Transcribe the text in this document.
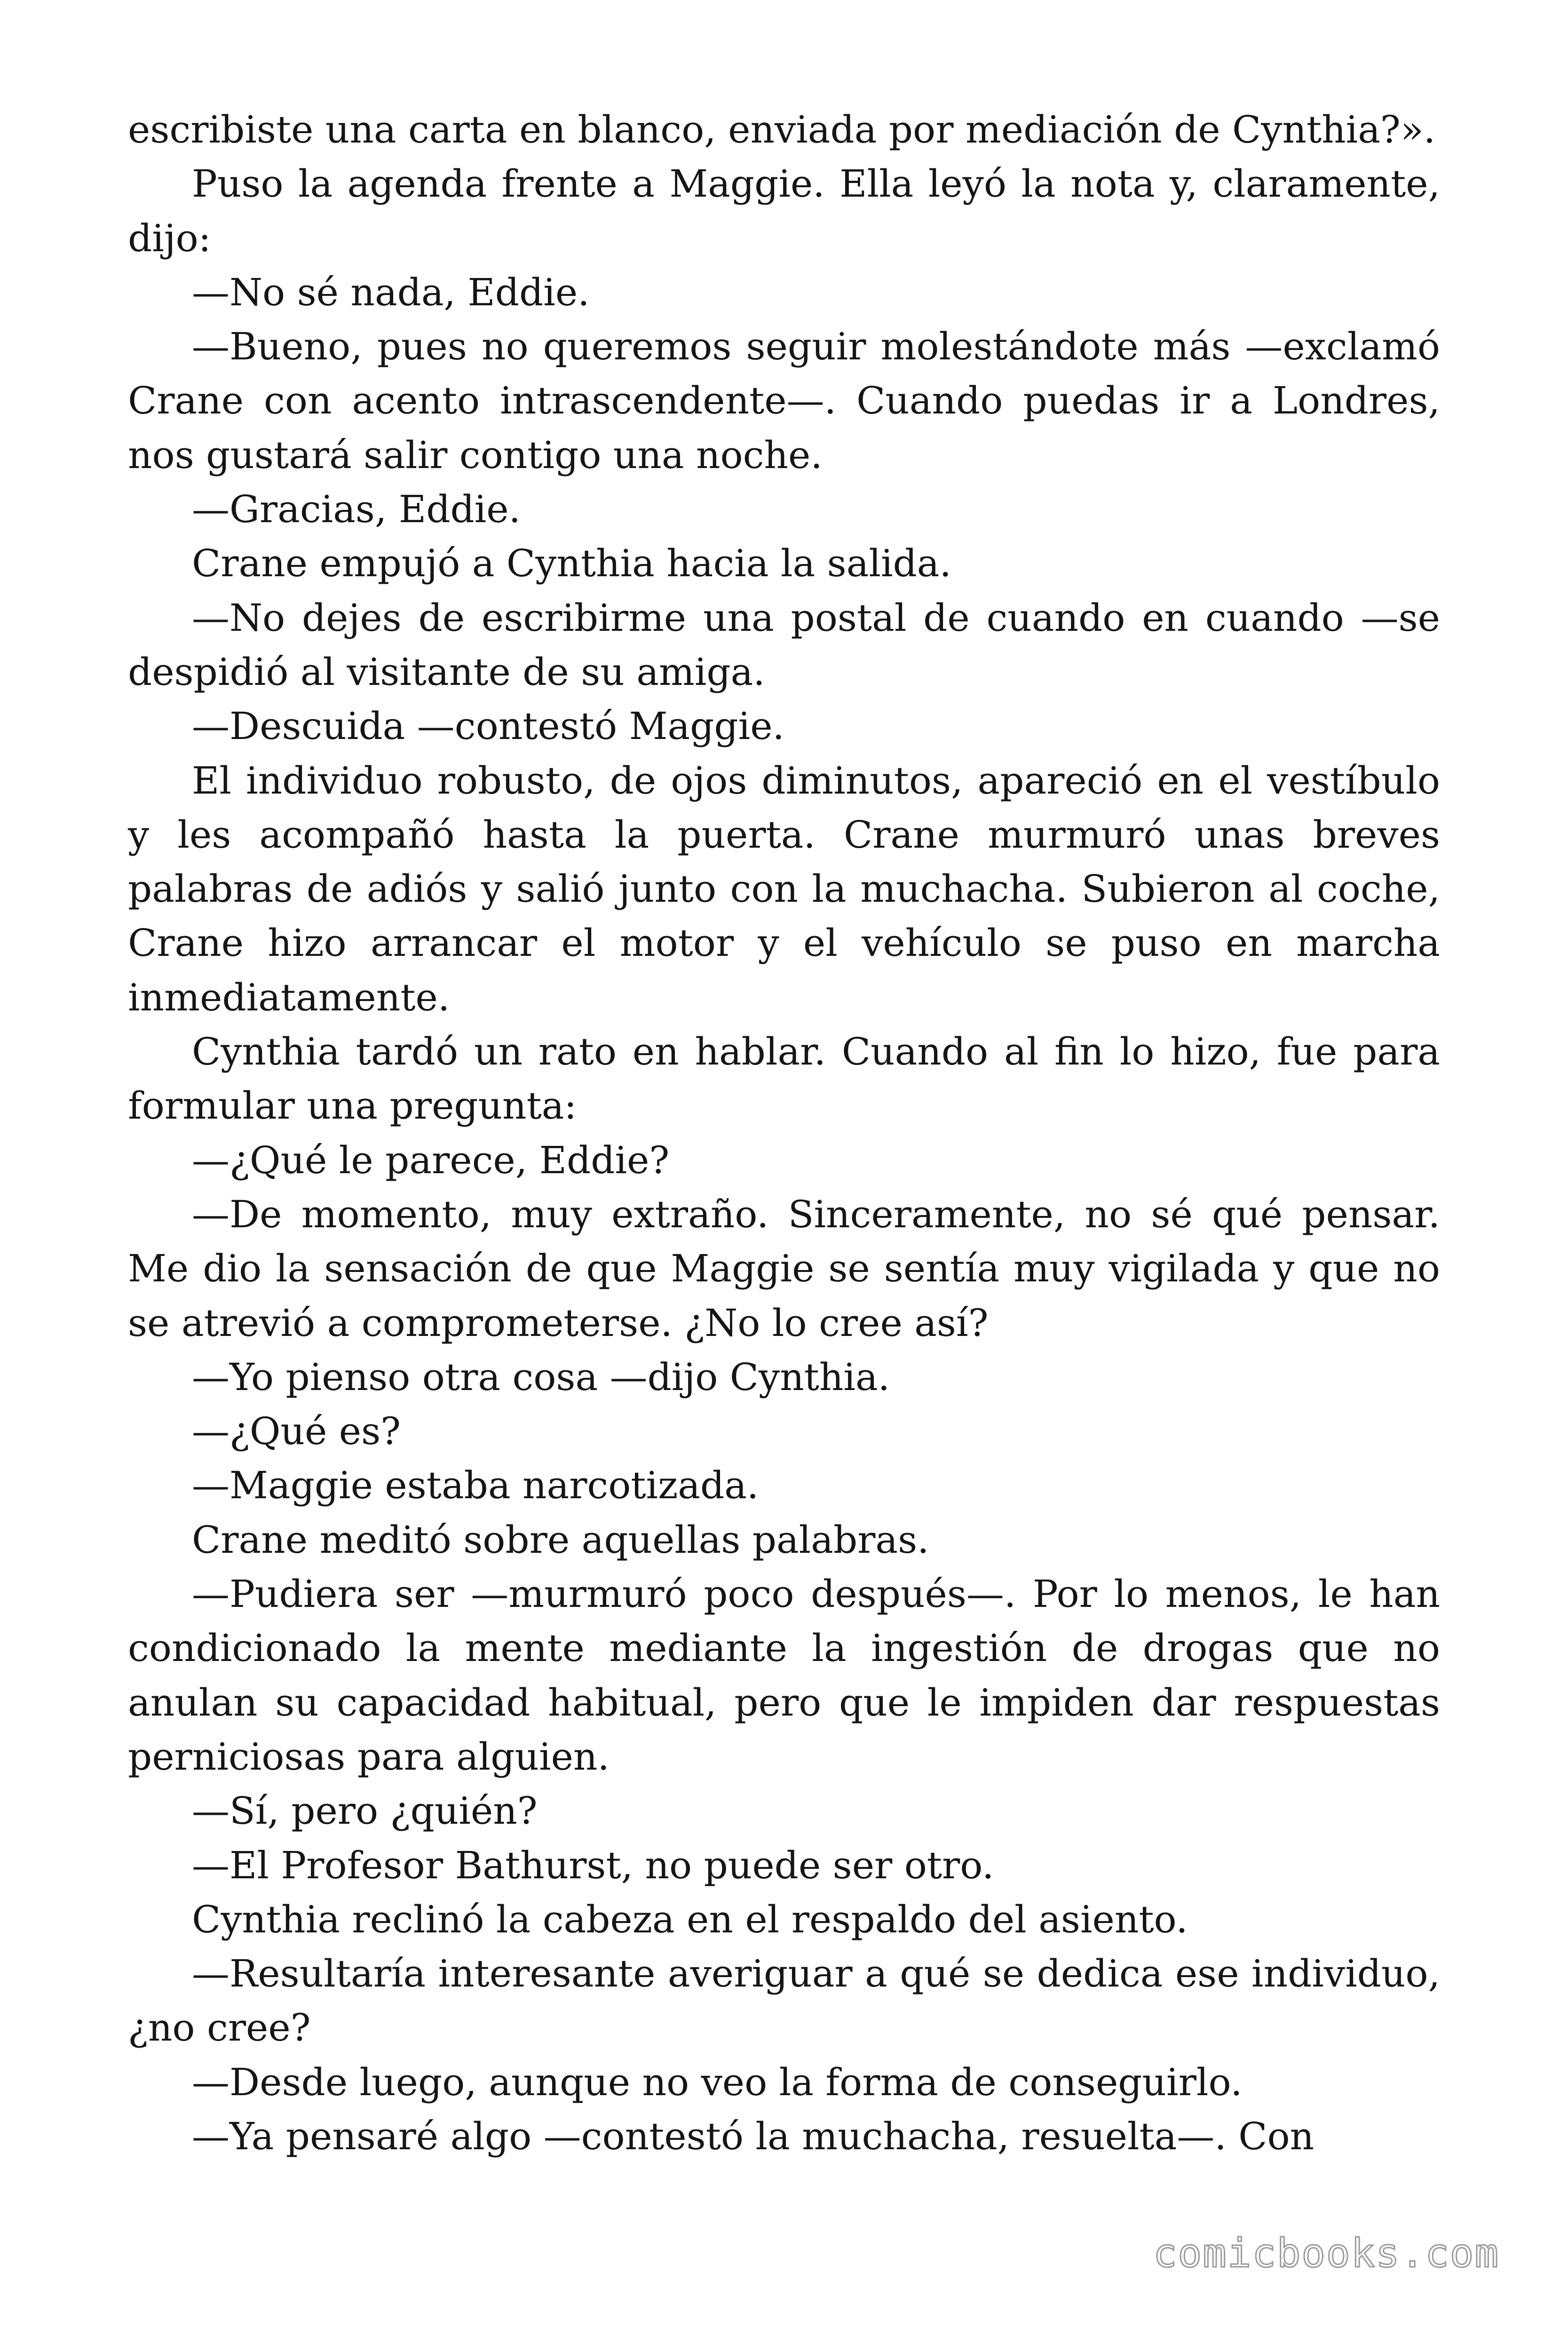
escribiste una carta en blanco, enviada por mediación de Cynthia?».

Puso la agenda frente a Maggie. Ella leyó la nota y, claramente, dijo:

—No sé nada, Eddie.

—Bueno, pues no queremos seguir molestándote más —exclamó Crane con acento intrascendente—. Cuando puedas ir a Londres, nos gustará salir contigo una noche.

—Gracias, Eddie.

Crane empujó a Cynthia hacia la salida.

—No dejes de escribirme una postal de cuando en cuando —se despidió al visitante de su amiga.

—Descuida —contestó Maggie.

El individuo robusto, de ojos diminutos, apareció en el vestíbulo y les acompañó hasta la puerta. Crane murmuró unas breves palabras de adiós y salió junto con la muchacha. Subieron al coche, Crane hizo arrancar el motor y el vehículo se puso en marcha inmediatamente.

Cynthia tardó un rato en hablar. Cuando al fin lo hizo, fue para formular una pregunta:

—¿Qué le parece, Eddie?

—De momento, muy extraño. Sinceramente, no sé qué pensar. Me dio la sensación de que Maggie se sentía muy vigilada y que no se atrevió a comprometerse. ¿No lo cree así?

—Yo pienso otra cosa —dijo Cynthia.

—¿Qué es?

—Maggie estaba narcotizada.

Crane meditó sobre aquellas palabras.

—Pudiera ser —murmuró poco después—. Por lo menos, le han condicionado la mente mediante la ingestión de drogas que no anulan su capacidad habitual, pero que le impiden dar respuestas perniciosas para alguien.

—Sí, pero ¿quién?

—El Profesor Bathurst, no puede ser otro.

Cynthia reclinó la cabeza en el respaldo del asiento.

—Resultaría interesante averiguar a qué se dedica ese individuo, ¿no cree?

—Desde luego, aunque no veo la forma de conseguirlo.

—Ya pensaré algo —contestó la muchacha, resuelta—. Con

comicbooks.com
